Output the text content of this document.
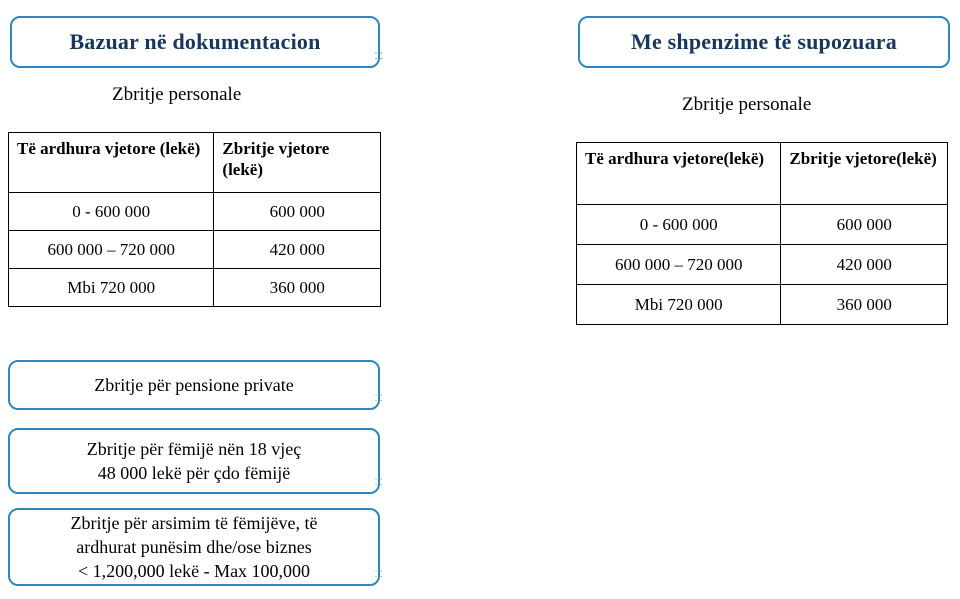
Bazuar në dokumentacion
⸬
Zbritje personale
Të ardhura vjetore (lekë)	Zbritje vjetore (lekë)
0 - 600 000	600 000
600 000 – 720 000	420 000
Mbi 720 000	360 000
Zbritje për pensione private
⸬
Zbritje për fëmijë nën 18 vjeç
48 000 lekë për çdo fëmijë	⸬
Zbritje për arsimim të fëmijëve, të
ardhurat punësim dhe/ose biznes
< 1,200,000 lekë - Max 100,000	⸬
Me shpenzime të supozuara
Zbritje personale
Të ardhura vjetore(lekë)	Zbritje vjetore(lekë)
0 - 600 000	600 000
600 000 – 720 000	420 000
Mbi 720 000	360 000
